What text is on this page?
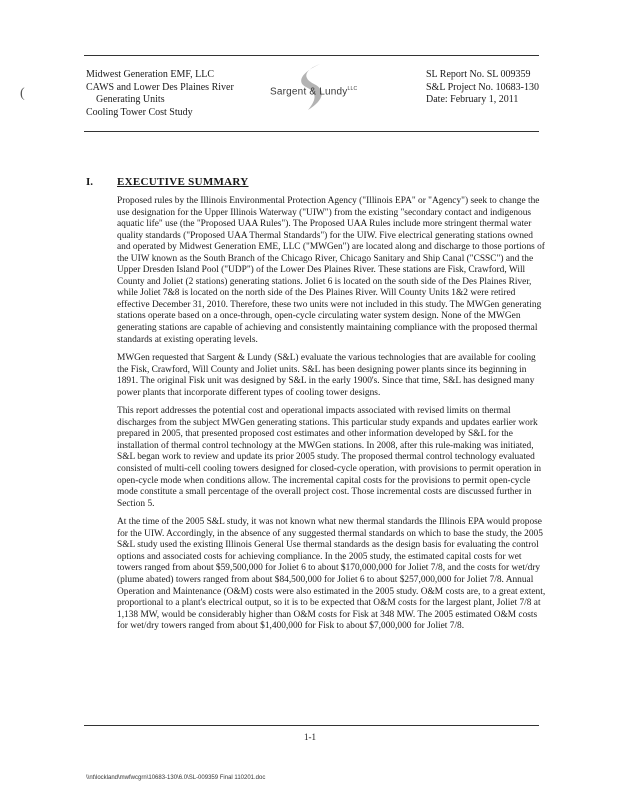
(
Midwest Generation EMF, LLC
CAWS and Lower Des Plaines River
Generating Units
Cooling Tower Cost Study
Sargent & Lundy$^{LLC}$
SL Report No. SL 009359
S&L Project No. 10683-130
Date: February 1, 2011
I. EXECUTIVE SUMMARY

Proposed rules by the Illinois Environmental Protection Agency ("Illinois EPA" or "Agency") seek to change the use designation for the Upper Illinois Waterway ("UIW") from the existing "secondary contact and indigenous aquatic life" use (the "Proposed UAA Rules"). The Proposed UAA Rules include more stringent thermal water quality standards ("Proposed UAA Thermal Standards") for the UIW. Five electrical generating stations owned and operated by Midwest Generation EME, LLC ("MWGen") are located along and discharge to those portions of the UIW known as the South Branch of the Chicago River, Chicago Sanitary and Ship Canal ("CSSC") and the Upper Dresden Island Pool ("UDP") of the Lower Des Plaines River. These stations are Fisk, Crawford, Will County and Joliet (2 stations) generating stations. Joliet 6 is located on the south side of the Des Plaines River, while Joliet 7&8 is located on the north side of the Des Plaines River. Will County Units 1&2 were retired effective December 31, 2010. Therefore, these two units were not included in this study. The MWGen generating stations operate based on a once-through, open-cycle circulating water system design. None of the MWGen generating stations are capable of achieving and consistently maintaining compliance with the proposed thermal standards at existing operating levels.

MWGen requested that Sargent & Lundy (S&L) evaluate the various technologies that are available for cooling the Fisk, Crawford, Will County and Joliet units. S&L has been designing power plants since its beginning in 1891. The original Fisk unit was designed by S&L in the early 1900's. Since that time, S&L has designed many power plants that incorporate different types of cooling tower designs.

This report addresses the potential cost and operational impacts associated with revised limits on thermal discharges from the subject MWGen generating stations. This particular study expands and updates earlier work prepared in 2005, that presented proposed cost estimates and other information developed by S&L for the installation of thermal control technology at the MWGen stations. In 2008, after this rule-making was initiated, S&L began work to review and update its prior 2005 study. The proposed thermal control technology evaluated consisted of multi-cell cooling towers designed for closed-cycle operation, with provisions to permit operation in open-cycle mode when conditions allow. The incremental capital costs for the provisions to permit open-cycle mode constitute a small percentage of the overall project cost. Those incremental costs are discussed further in Section 5.

At the time of the 2005 S&L study, it was not known what new thermal standards the Illinois EPA would propose for the UIW. Accordingly, in the absence of any suggested thermal standards on which to base the study, the 2005 S&L study used the existing Illinois General Use thermal standards as the design basis for evaluating the control options and associated costs for achieving compliance. In the 2005 study, the estimated capital costs for wet towers ranged from about $59,500,000 for Joliet 6 to about $170,000,000 for Joliet 7/8, and the costs for wet/dry (plume abated) towers ranged from about $84,500,000 for Joliet 6 to about $257,000,000 for Joliet 7/8. Annual Operation and Maintenance (O&M) costs were also estimated in the 2005 study. O&M costs are, to a great extent, proportional to a plant's electrical output, so it is to be expected that O&M costs for the largest plant, Joliet 7/8 at 1,138 MW, would be considerably higher than O&M costs for Fisk at 348 MW. The 2005 estimated O&M costs for wet/dry towers ranged from about $1,400,000 for Fisk to about $7,000,000 for Joliet 7/8.

1-1
\\nt\lockland\mwfwcgrn\10683-130\6.0\SL-009359 Final 110201.doc
